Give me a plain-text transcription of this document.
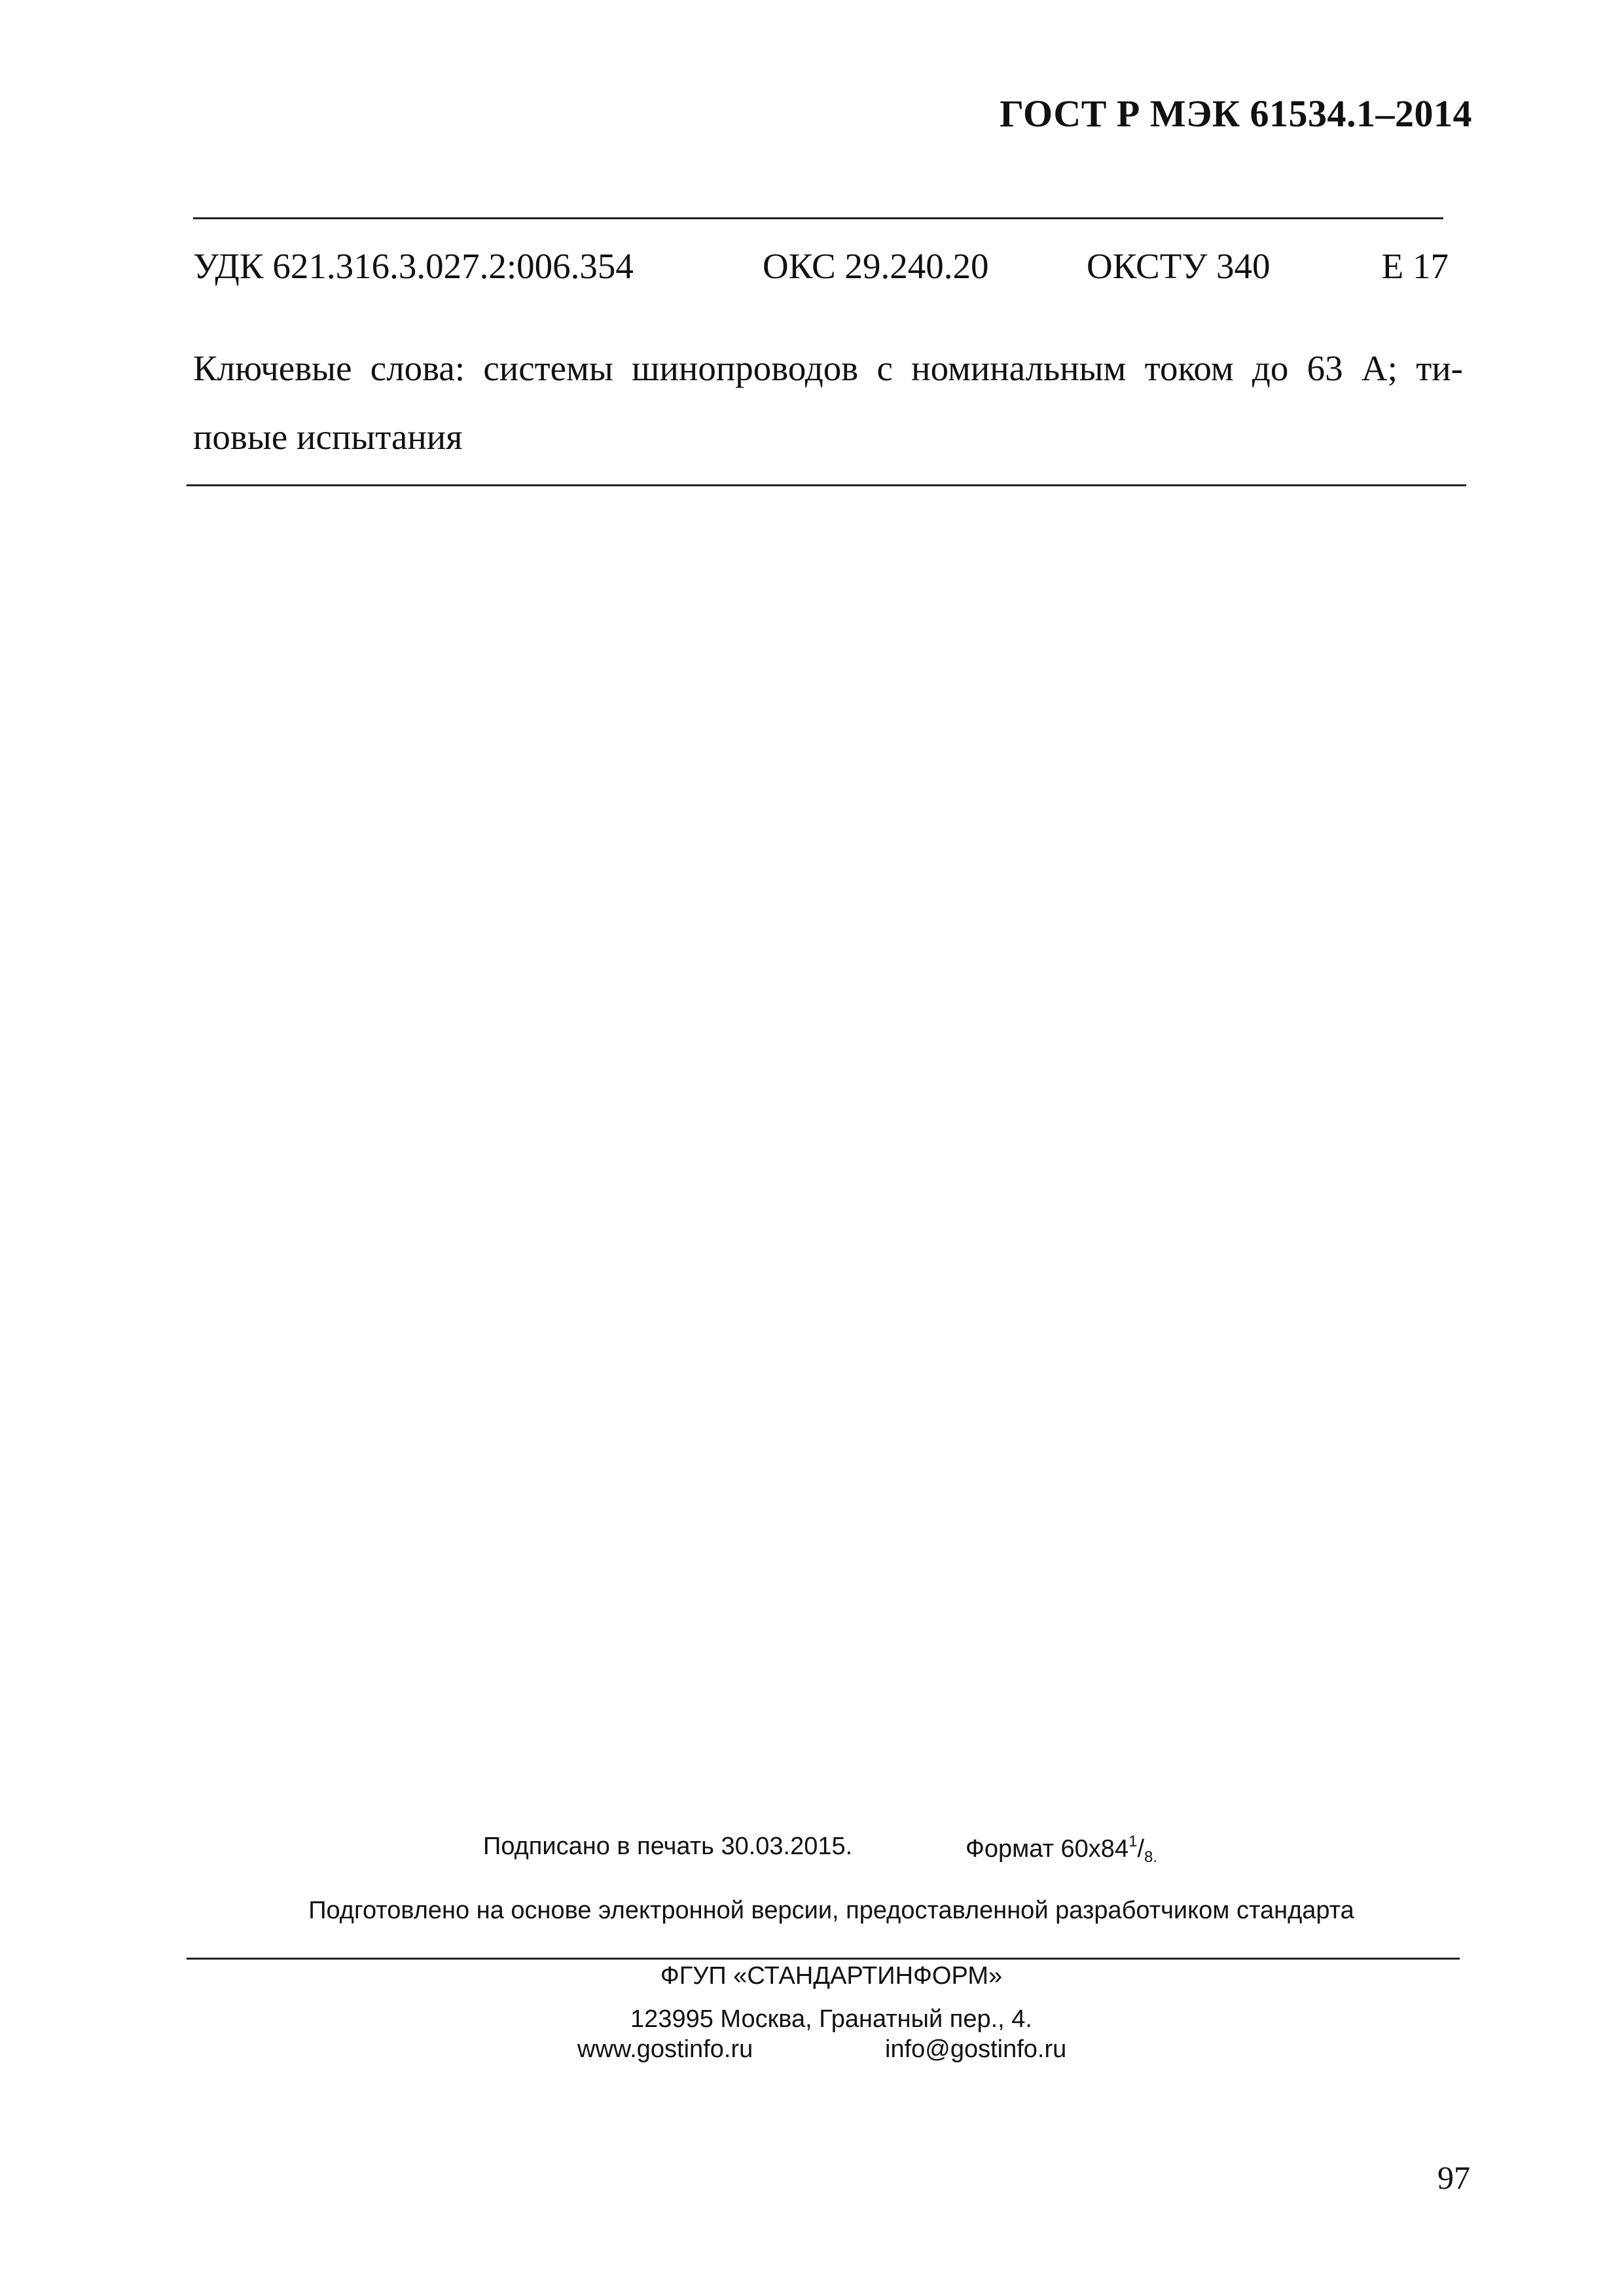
ГОСТ Р МЭК 61534.1–2014
УДК 621.316.3.027.2:006.354	ОКС 29.240.20	ОКСТУ 340	Е 17
Ключевые слова: системы шинопроводов с номинальным током до 63 А; ти-
повые испытания
Подписано в печать 30.03.2015.	Формат $60х84^1/_{8.}$
Подготовлено на основе электронной версии, предоставленной разработчиком стандарта
ФГУП «СТАНДАРТИНФОРМ»
123995 Москва, Гранатный пер., 4.
www.gostinfo.ru	info@gostinfo.ru
97
